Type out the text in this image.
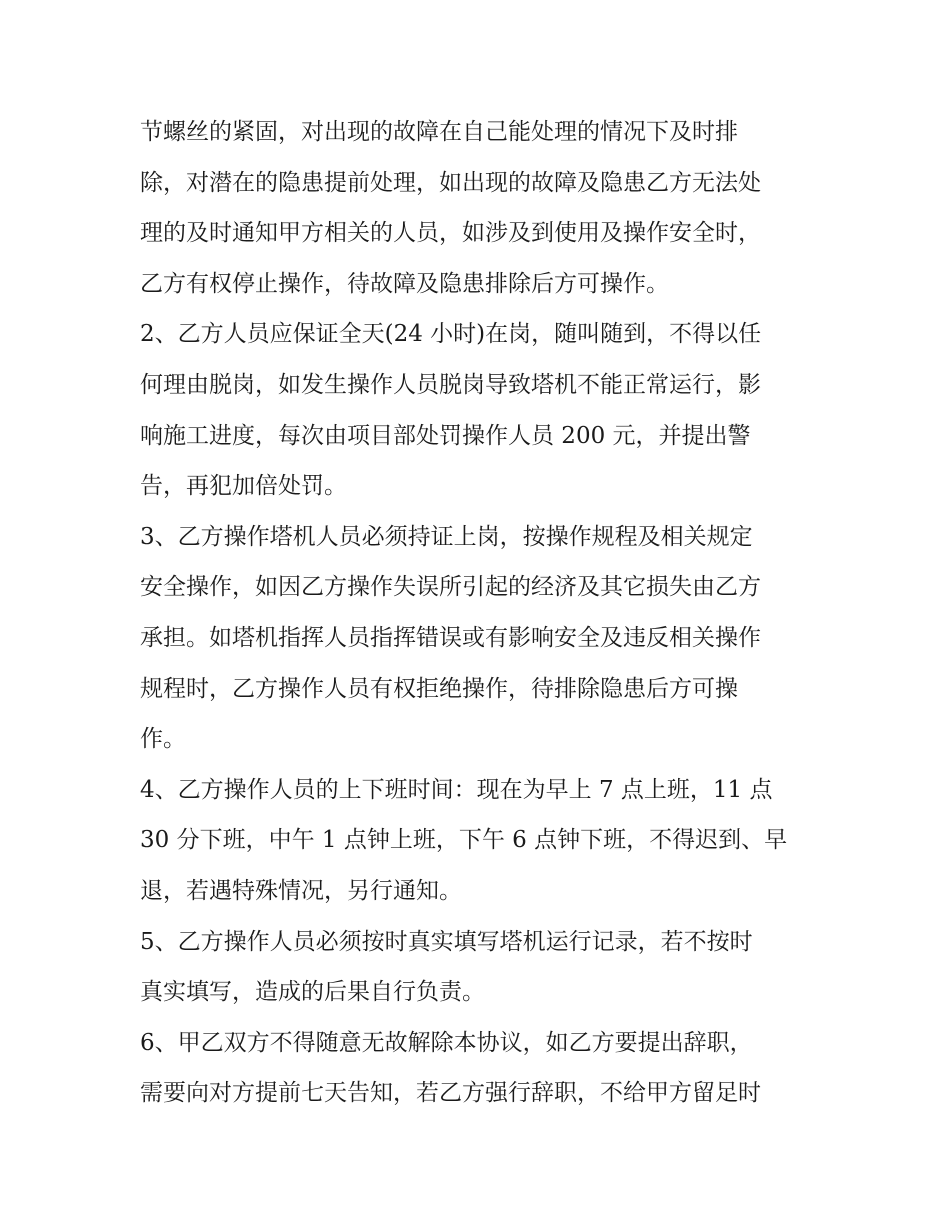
节螺丝的紧固，对出现的故障在自己能处理的情况下及时排
除，对潜在的隐患提前处理，如出现的故障及隐患乙方无法处
理的及时通知甲方相关的人员，如涉及到使用及操作安全时，
乙方有权停止操作，待故障及隐患排除后方可操作。
2、乙方人员应保证全天(24 小时)在岗，随叫随到，不得以任
何理由脱岗，如发生操作人员脱岗导致塔机不能正常运行，影
响施工进度，每次由项目部处罚操作人员 200 元，并提出警
告，再犯加倍处罚。
3、乙方操作塔机人员必须持证上岗，按操作规程及相关规定
安全操作，如因乙方操作失误所引起的经济及其它损失由乙方
承担。如塔机指挥人员指挥错误或有影响安全及违反相关操作
规程时，乙方操作人员有权拒绝操作，待排除隐患后方可操
作。
4、乙方操作人员的上下班时间：现在为早上 7 点上班，11 点
30 分下班，中午 1 点钟上班，下午 6 点钟下班，不得迟到、早
退，若遇特殊情况，另行通知。
5、乙方操作人员必须按时真实填写塔机运行记录，若不按时
真实填写，造成的后果自行负责。
6、甲乙双方不得随意无故解除本协议，如乙方要提出辞职，
需要向对方提前七天告知，若乙方强行辞职，不给甲方留足时
